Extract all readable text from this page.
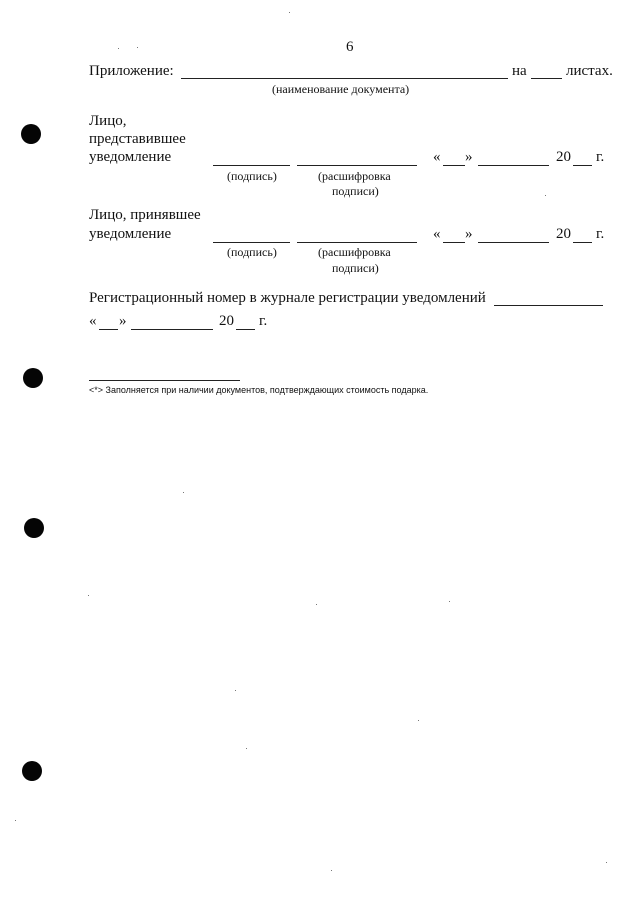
6
Приложение:	на	листах.
(наименование документа)
Лицо,
представившее
уведомление	« »	20 г.
(подпись)	(расшифровка
подписи)
Лицо, принявшее
уведомление	« »	20 г.
(подпись)	(расшифровка
подписи)
Регистрационный номер в журнале регистрации уведомлений
« »	20 г.
<*> Заполняется при наличии документов, подтверждающих стоимость подарка.
